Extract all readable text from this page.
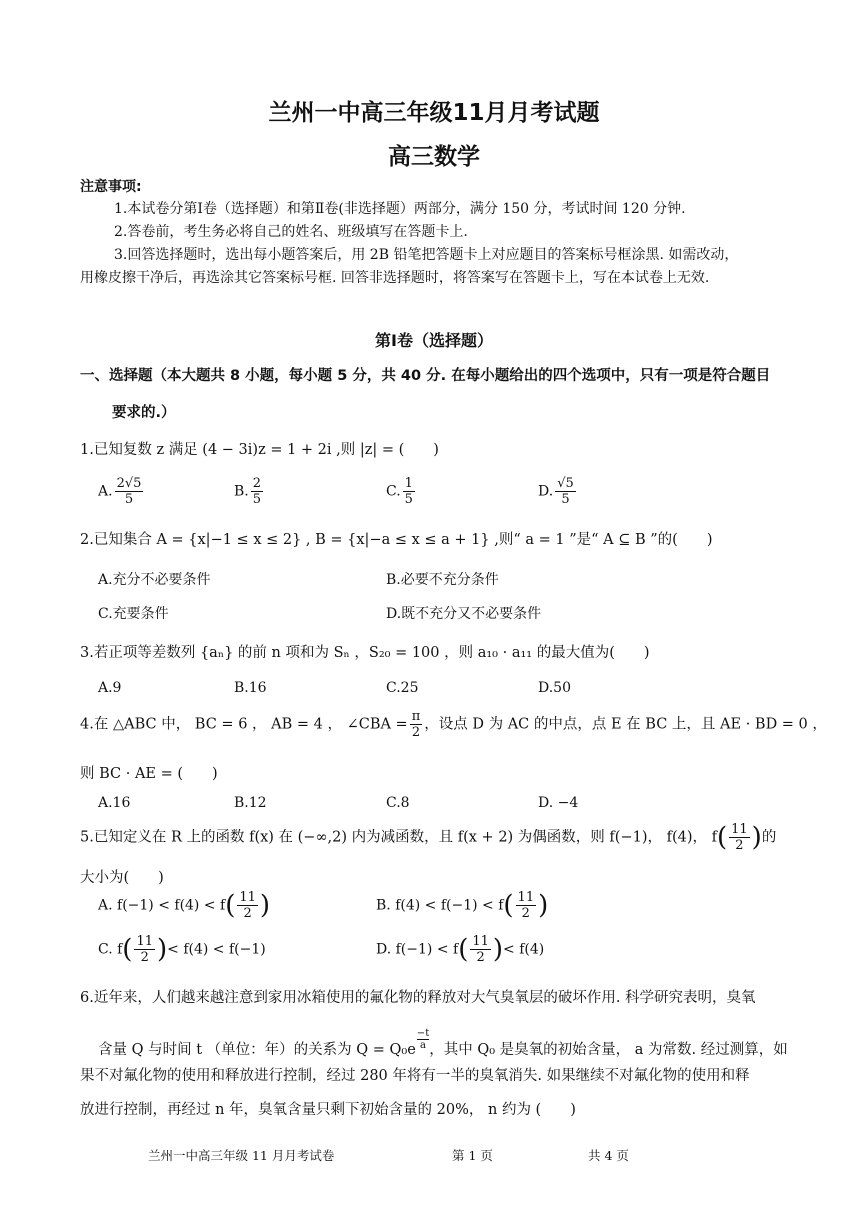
兰州一中高三年级11月月考试题
高三数学
注意事项:
1.本试卷分第Ⅰ卷（选择题）和第Ⅱ卷(非选择题）两部分，满分 150 分，考试时间 120 分钟.
2.答卷前，考生务必将自己的姓名、班级填写在答题卡上.
3.回答选择题时，选出每小题答案后，用 2B 铅笔把答题卡上对应题目的答案标号框涂黑. 如需改动，
用橡皮擦干净后，再选涂其它答案标号框. 回答非选择题时，将答案写在答题卡上，写在本试卷上无效.
第Ⅰ卷（选择题）
一、选择题（本大题共 8 小题，每小题 5 分，共 40 分. 在每小题给出的四个选项中，只有一项是符合题目
要求的.）
1.已知复数 z 满足 (4 − 3i)z = 1 + 2i ,则 |z| = (　　)
A. $\frac{2√5}{5}$	B. $\frac{2}{5}$	C. $\frac{1}{5}$	D. $\frac{√5}{5}$
2.已知集合 A = {x|−1 ≤ x ≤ 2} , B = {x|−a ≤ x ≤ a + 1} ,则“ a = 1 ”是“ A ⊆ B ”的(　　)
A.充分不必要条件	B.必要不充分条件
C.充要条件	D.既不充分又不必要条件
3.若正项等差数列 {aₙ} 的前 n 项和为 Sₙ ，S₂₀ = 100 ，则 a₁₀ · a₁₁ 的最大值为(　　)
A.9	B.16	C.25	D.50
4.在 △ABC 中， BC = 6 ， AB = 4 ， ∠CBA = $\frac{\pi}{2}$ ，设点 D 为 AC 的中点，点 E 在 BC 上，且 AE · BD = 0 ，
则 BC · AE = (　　)
A.16	B.12	C.8	D. −4
5.已知定义在 R 上的函数 f(x) 在 (−∞,2) 内为减函数，且 f(x + 2) 为偶函数，则 f(−1)， f(4)， $f( \frac{11}{2}$ )的
大小为(　　)
A. $f(-1) < f(4) < f( \frac{11}{2}$ )	B. $f(4) < f(-1) < f( \frac{11}{2}$ )
C. $f( \frac{11}{2}$ )< f(4) < f(−1)	D. $f(-1) < f( \frac{11}{2}$ )< f(4)
6.近年来，人们越来越注意到家用冰箱使用的氟化物的释放对大气臭氧层的破坏作用. 科学研究表明，臭氧
含量 Q 与时间 t （单位：年）的关系为 Q = Q₀e $^{\frac{-t}{a}}$ ，其中 Q₀ 是臭氧的初始含量， a 为常数. 经过测算，如
果不对氟化物的使用和释放进行控制，经过 280 年将有一半的臭氧消失. 如果继续不对氟化物的使用和释
放进行控制，再经过 n 年，臭氧含量只剩下初始含量的 20%， n 约为 (　　)
兰州一中高三年级 11 月月考试卷	第 1 页	共 4 页
